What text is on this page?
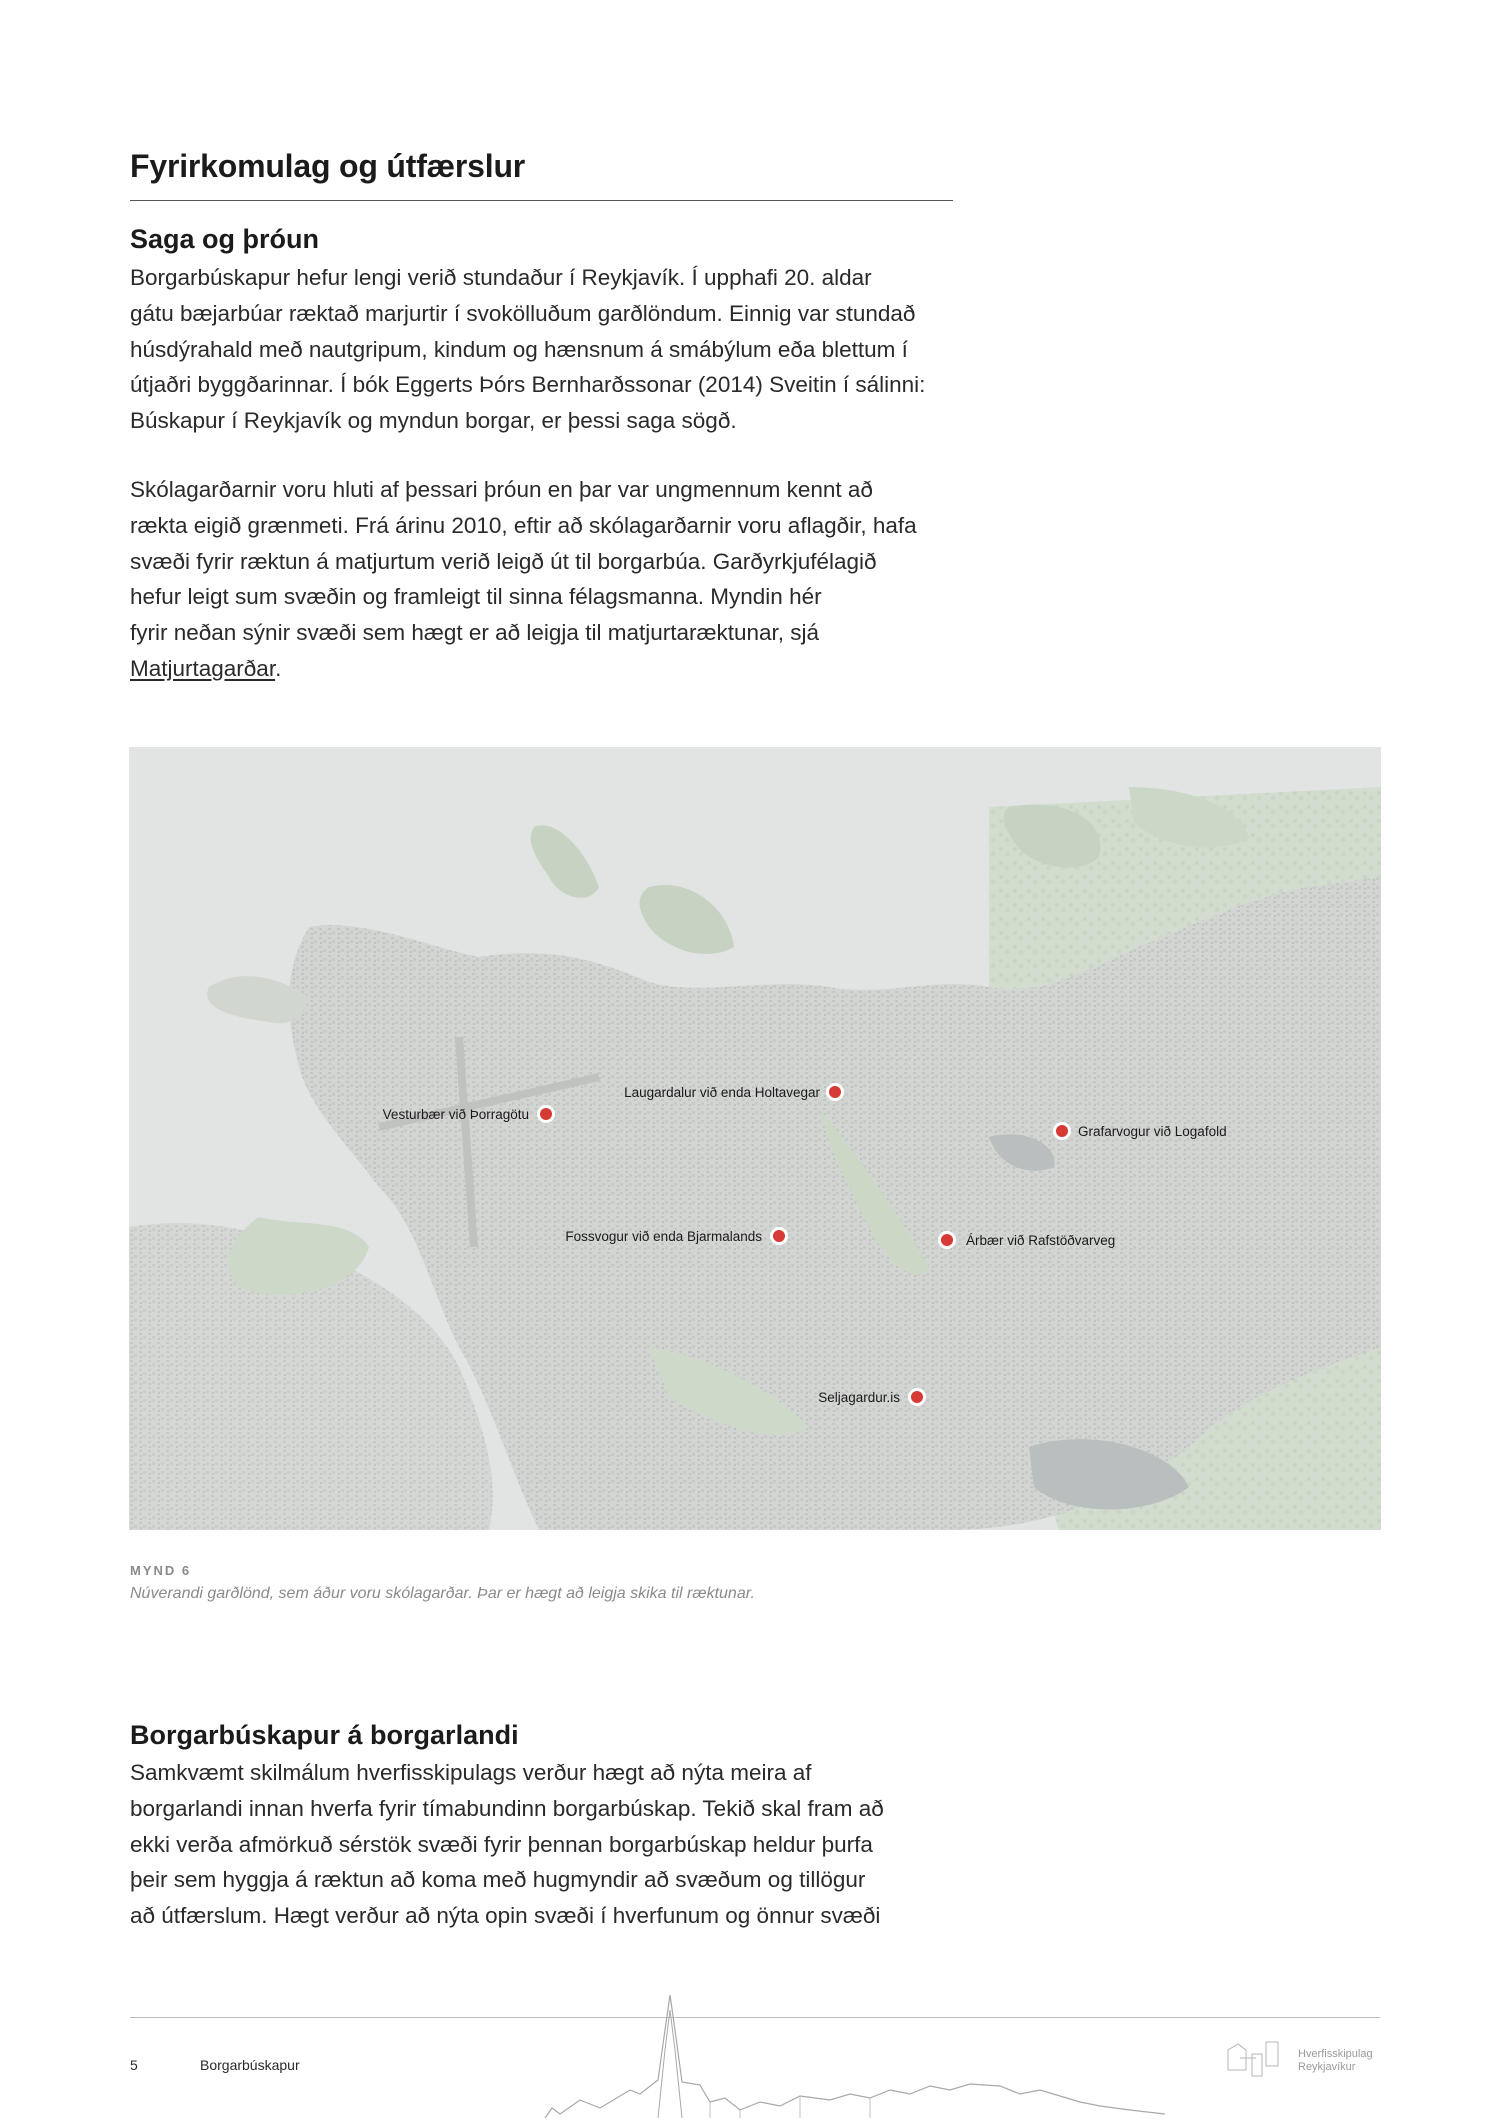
Fyrirkomulag og útfærslur
Saga og þróun

Borgarbúskapur hefur lengi verið stundaður í Reykjavík. Í upphafi 20. aldar
gátu bæjarbúar ræktað marjurtir í svokölluðum garðlöndum. Einnig var stundað
húsdýrahald með nautgripum, kindum og hænsnum á smábýlum eða blettum í
útjaðri byggðarinnar. Í bók Eggerts Þórs Bernharðssonar (2014) Sveitin í sálinni:
Búskapur í Reykjavík og myndun borgar, er þessi saga sögð.

Skólagarðarnir voru hluti af þessari þróun en þar var ungmennum kennt að
rækta eigið grænmeti. Frá árinu 2010, eftir að skólagarðarnir voru aflagðir, hafa
svæði fyrir ræktun á matjurtum verið leigð út til borgarbúa. Garðyrkjufélagið
hefur leigt sum svæðin og framleigt til sinna félagsmanna. Myndin hér
fyrir neðan sýnir svæði sem hægt er að leigja til matjurtaræktunar, sjá
Matjurtagarðar.

Vesturbær við Þorragötu
Laugardalur við enda Holtavegar
Grafarvogur við Logafold
Fossvogur við enda Bjarmalands	Árbær við Rafstöðvarveg
Seljagardur.is

MYND 6

Núverandi garðlönd, sem áður voru skólagarðar. Þar er hægt að leigja skika til ræktunar.

Borgarbúskapur á borgarlandi

Samkvæmt skilmálum hverfisskipulags verður hægt að nýta meira af
borgarlandi innan hverfa fyrir tímabundinn borgarbúskap. Tekið skal fram að
ekki verða afmörkuð sérstök svæði fyrir þennan borgarbúskap heldur þurfa
þeir sem hyggja á ræktun að koma með hugmyndir að svæðum og tillögur
að útfærslum. Hægt verður að nýta opin svæði í hverfunum og önnur svæði

5	Borgarbúskapur
Hverfisskipulag
Reykjavíkur
